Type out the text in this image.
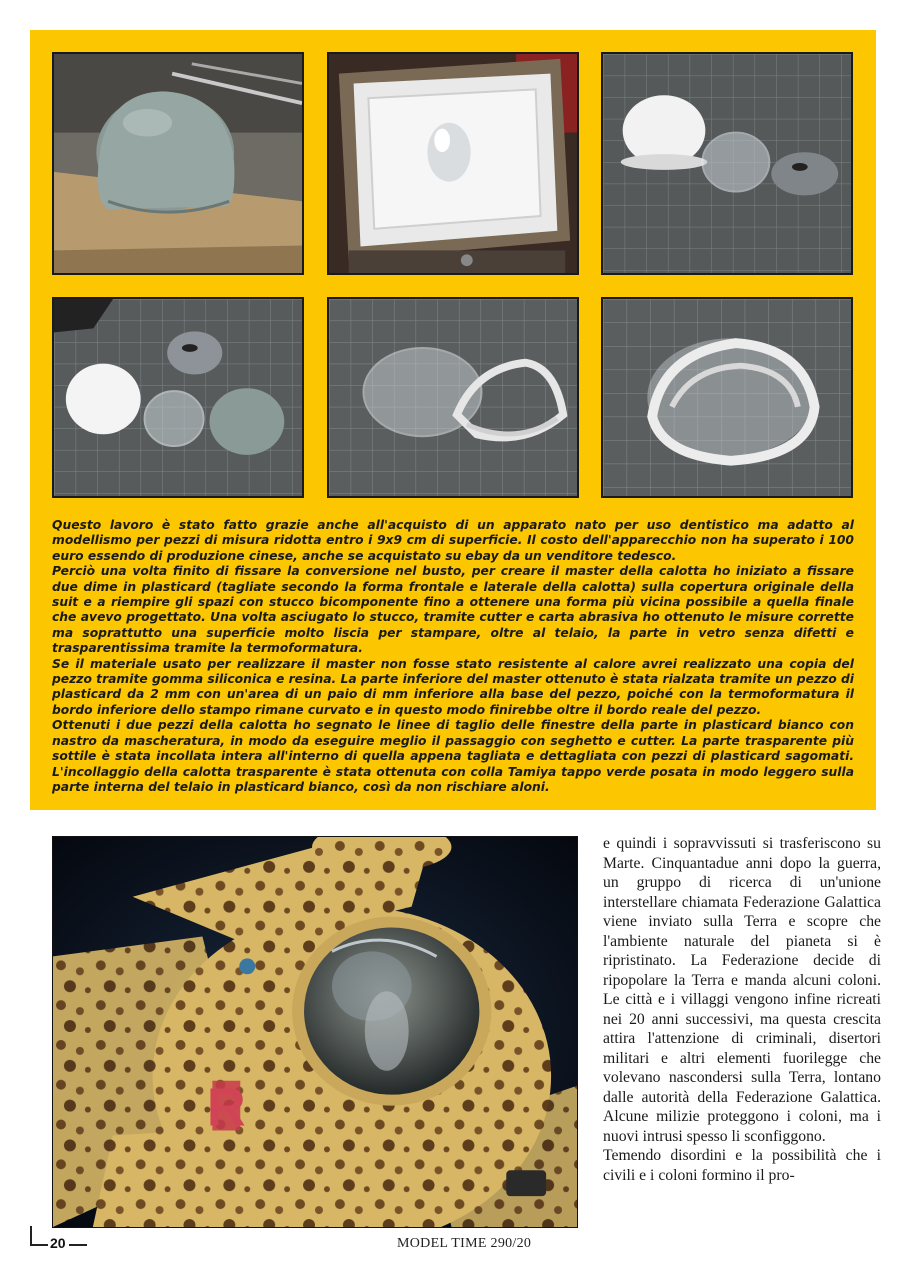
Questo lavoro è stato fatto grazie anche all'acquisto di un apparato nato per uso dentistico ma adatto al modellismo per pezzi di misura ridotta entro i 9x9 cm di superficie. Il costo dell'apparecchio non ha superato i 100 euro essendo di produzione cinese, anche se acquistato su ebay da un venditore tedesco.

Perciò una volta finito di fissare la conversione nel busto, per creare il master della calotta ho iniziato a fissare due dime in plasticard (tagliate secondo la forma frontale e laterale della calotta) sulla copertura originale della suit e a riempire gli spazi con stucco bicomponente fino a ottenere una forma più vicina possibile a quella finale che avevo progettato. Una volta asciugato lo stucco, tramite cutter e carta abrasiva ho ottenuto le misure corrette ma soprattutto una superficie molto liscia per stampare, oltre al telaio, la parte in vetro senza difetti e trasparentissima tramite la termoformatura.

Se il materiale usato per realizzare il master non fosse stato resistente al calore avrei realizzato una copia del pezzo tramite gomma siliconica e resina. La parte inferiore del master ottenuto è stata rialzata tramite un pezzo di plasticard da 2 mm con un'area di un paio di mm inferiore alla base del pezzo, poiché con la termoformatura il bordo inferiore dello stampo rimane curvato e in questo modo finirebbe oltre il bordo reale del pezzo.

Ottenuti i due pezzi della calotta ho segnato le linee di taglio delle finestre della parte in plasticard bianco con nastro da mascheratura, in modo da eseguire meglio il passaggio con seghetto e cutter. La parte trasparente più sottile è stata incollata intera all'interno di quella appena tagliata e dettagliata con pezzi di plasticard sagomati. L'incollaggio della calotta trasparente è stata ottenuta con colla Tamiya tappo verde posata in modo leggero sulla parte interna del telaio in plasticard bianco, così da non rischiare aloni.

R

e quindi i sopravvissuti si trasferiscono su Marte. Cinquantadue anni dopo la guerra, un gruppo di ricerca di un'unione interstellare chiamata Federazione Galattica viene inviato sulla Terra e scopre che l'ambiente naturale del pianeta si è ripristinato. La Federazione decide di ripopolare la Terra e manda alcuni coloni. Le città e i villaggi vengono infine ricreati nei 20 anni successivi, ma questa crescita attira l'attenzione di criminali, disertori militari e altri elementi fuorilegge che volevano nascondersi sulla Terra, lontano dalle autorità della Federazione Galattica. Alcune milizie proteggono i coloni, ma i nuovi intrusi spesso li sconfiggono.

Temendo disordini e la possibilità che i civili e i coloni formino il pro-

20	MODEL TIME 290/20
